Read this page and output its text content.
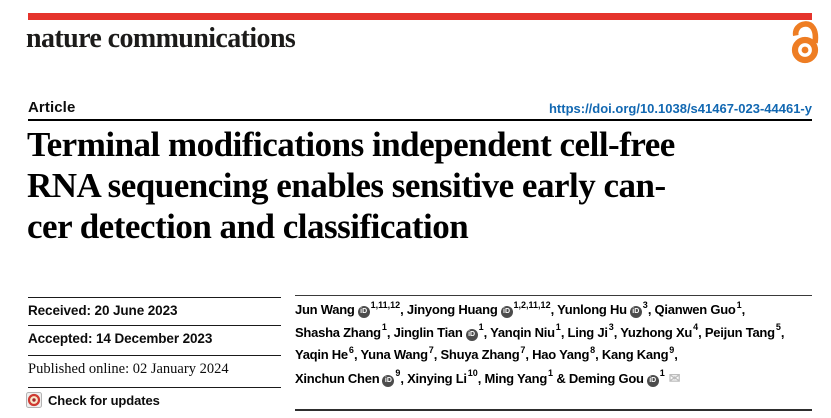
nature communications
Article	https://doi.org/10.1038/s41467-023-44461-y
Terminal modifications independent cell-free
RNA sequencing enables sensitive early can-
cer detection and classification
Received: 20 June 2023
Accepted: 14 December 2023
Published online: 02 January 2024
Check for updates
Jun Wang iD$^{1,11,12}$, Jinyong Huang iD$^{1,2,11,12}$, Yunlong Hu $iD^3$, Qianwen Guo$^1$,
Shasha Zhang$^1$, Jinglin Tian $iD^1$, Yanqin Niu$^1$, Ling Ji$^3$, Yuzhong Xu$^4$, Peijun Tang$^5$,
Yaqin He$^6$, Yuna Wang$^7$, Shuya Zhang$^7$, Hao Yang$^8$, Kang Kang$^9$,
Xinchun Chen $iD^9$, Xinying Li$^{10}$, Ming Yang$^1$ & Deming Gou $iD^1$ ✉
